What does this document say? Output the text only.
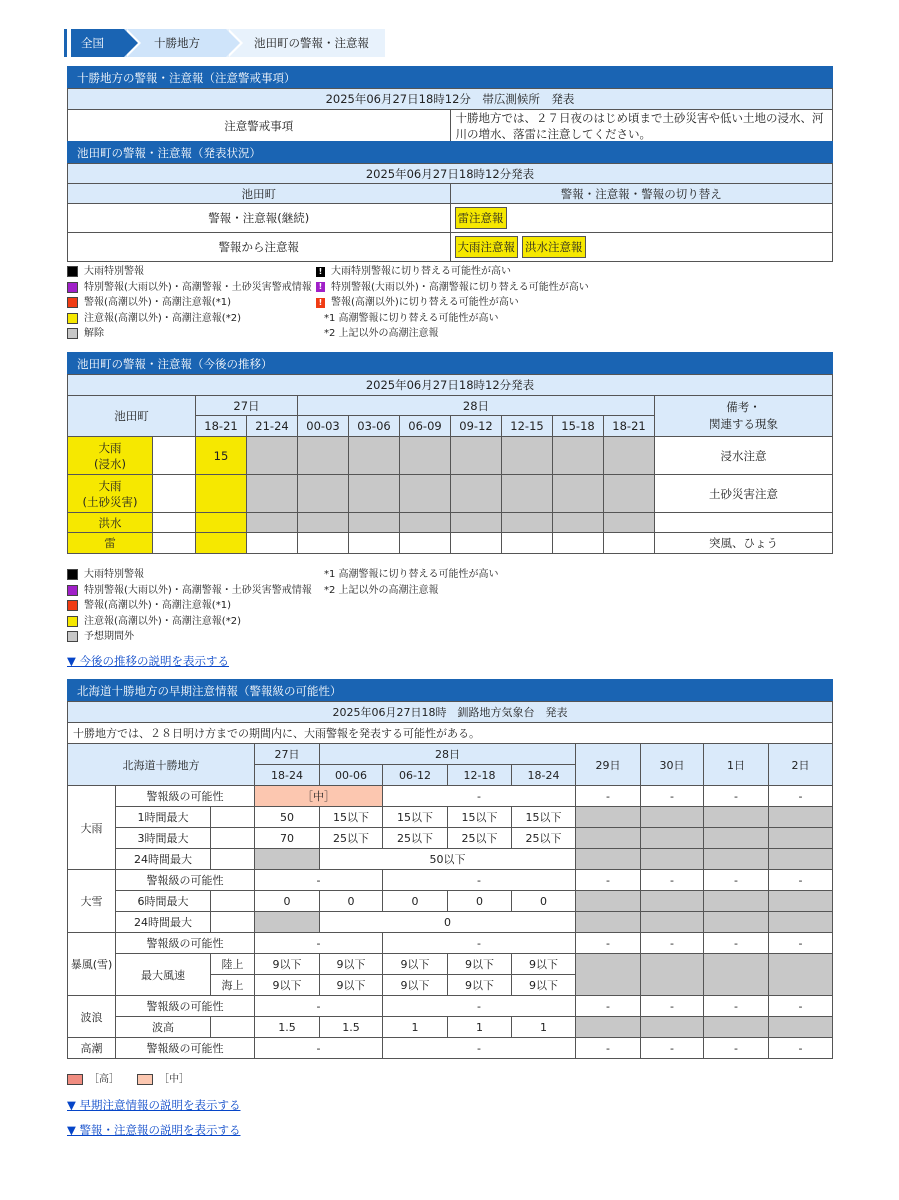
全国	十勝地方	池田町の警報・注意報
十勝地方の警報・注意報（注意警戒事項）
2025年06月27日18時12分　帯広測候所　発表
注意警戒事項	十勝地方では、２７日夜のはじめ頃まで土砂災害や低い土地の浸水、河川の増水、落雷に注意してください。
池田町の警報・注意報（発表状況）
2025年06月27日18時12分発表	
池田町	警報・注意報・警報の切り替え
警報・注意報(継続)	雷注意報
警報から注意報	大雨注意報 洪水注意報
大雨特別警報
特別警報(大雨以外)・高潮警報・土砂災害警戒情報
警報(高潮以外)・高潮注意報(*1)
注意報(高潮以外)・高潮注意報(*2)
解除
! 大雨特別警報に切り替える可能性が高い
! 特別警報(大雨以外)・高潮警報に切り替える可能性が高い
! 警報(高潮以外)に切り替える可能性が高い
*1 高潮警報に切り替える可能性が高い
*2 上記以外の高潮注意報
池田町の警報・注意報（今後の推移）
2025年06月27日18時12分発表											
池田町		27日		28日							備考・
関連する現象
		18-21	21-24	00-03	03-06	06-09	09-12	12-15	15-18	18-21	
大雨
(浸水)		15									浸水注意
大雨
(土砂災害)											土砂災害注意
洪水											
雷											突風、ひょう
大雨特別警報
特別警報(大雨以外)・高潮警報・土砂災害警戒情報
警報(高潮以外)・高潮注意報(*1)
注意報(高潮以外)・高潮注意報(*2)
予想期間外
*1 高潮警報に切り替える可能性が高い
*2 上記以外の高潮注意報
▼ 今後の推移の説明を表示する
北海道十勝地方の早期注意情報（警報級の可能性）
2025年06月27日18時　釧路地方気象台　発表											
十勝地方では、２８日明け方までの期間内に、大雨警報を発表する可能性がある。											
北海道十勝地方			27日	28日				29日	30日	1日	2日
			18-24	00-06	06-12	12-18	18-24				
大雨	警報級の可能性		［中］		-			-	-	-	-
	1時間最大		50	15以下	15以下	15以下	15以下				
	3時間最大		70	25以下	25以下	25以下	25以下				
	24時間最大			50以下							
大雪	警報級の可能性		-		-			-	-	-	-
	6時間最大		0	0	0	0	0				
	24時間最大			0							
暴風(雪)	警報級の可能性		-		-			-	-	-	-
	最大風速	陸上	9以下	9以下	9以下	9以下	9以下				
		海上	9以下	9以下	9以下	9以下	9以下				
波浪	警報級の可能性		-		-			-	-	-	-
	波高		1.5	1.5	1	1	1				
高潮	警報級の可能性		-		-			-	-	-	-
［高］	［中］
▼ 早期注意情報の説明を表示する
▼ 警報・注意報の説明を表示する
